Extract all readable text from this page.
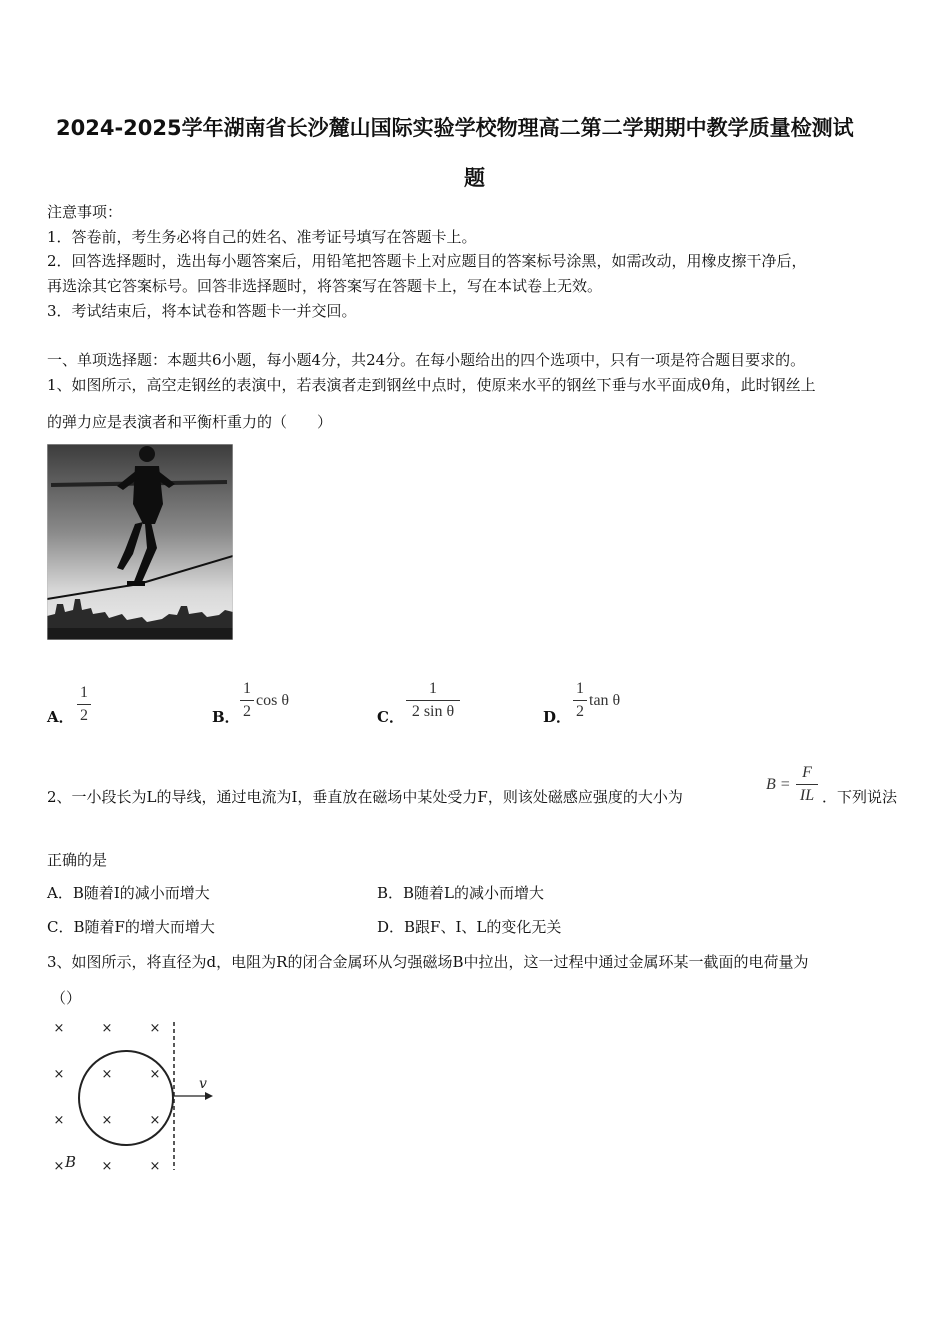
2024-2025学年湖南省长沙麓山国际实验学校物理高二第二学期期中教学质量检测试
题
注意事项：
1．答卷前，考生务必将自己的姓名、准考证号填写在答题卡上。
2．回答选择题时，选出每小题答案后，用铅笔把答题卡上对应题目的答案标号涂黑，如需改动，用橡皮擦干净后，
再选涂其它答案标号。回答非选择题时，将答案写在答题卡上，写在本试卷上无效。
3．考试结束后，将本试卷和答题卡一并交回。
一、单项选择题：本题共6小题，每小题4分，共24分。在每小题给出的四个选项中，只有一项是符合题目要求的。
1、如图所示，高空走钢丝的表演中，若表演者走到钢丝中点时，使原来水平的钢丝下垂与水平面成θ角，此时钢丝上
的弹力应是表演者和平衡杆重力的（　　）
A．
1
2	B．
1
2
cos θ
C．
1
2 sin θ	D．
1
2
tan θ
2、一小段长为L的导线，通过电流为I，垂直放在磁场中某处受力F，则该处磁感应强度的大小为
B =
F
IL ．下列说法
正确的是
A．B随着I的减小而增大	B．B随着L的减小而增大
C．B随着F的增大而增大	D．B跟F、I、L的变化无关
3、如图所示，将直径为d，电阻为R的闭合金属环从匀强磁场B中拉出，这一过程中通过金属环某一截面的电荷量为
（）
×	×	×
×	×	×
×	×	×
×	×	×
v
B
